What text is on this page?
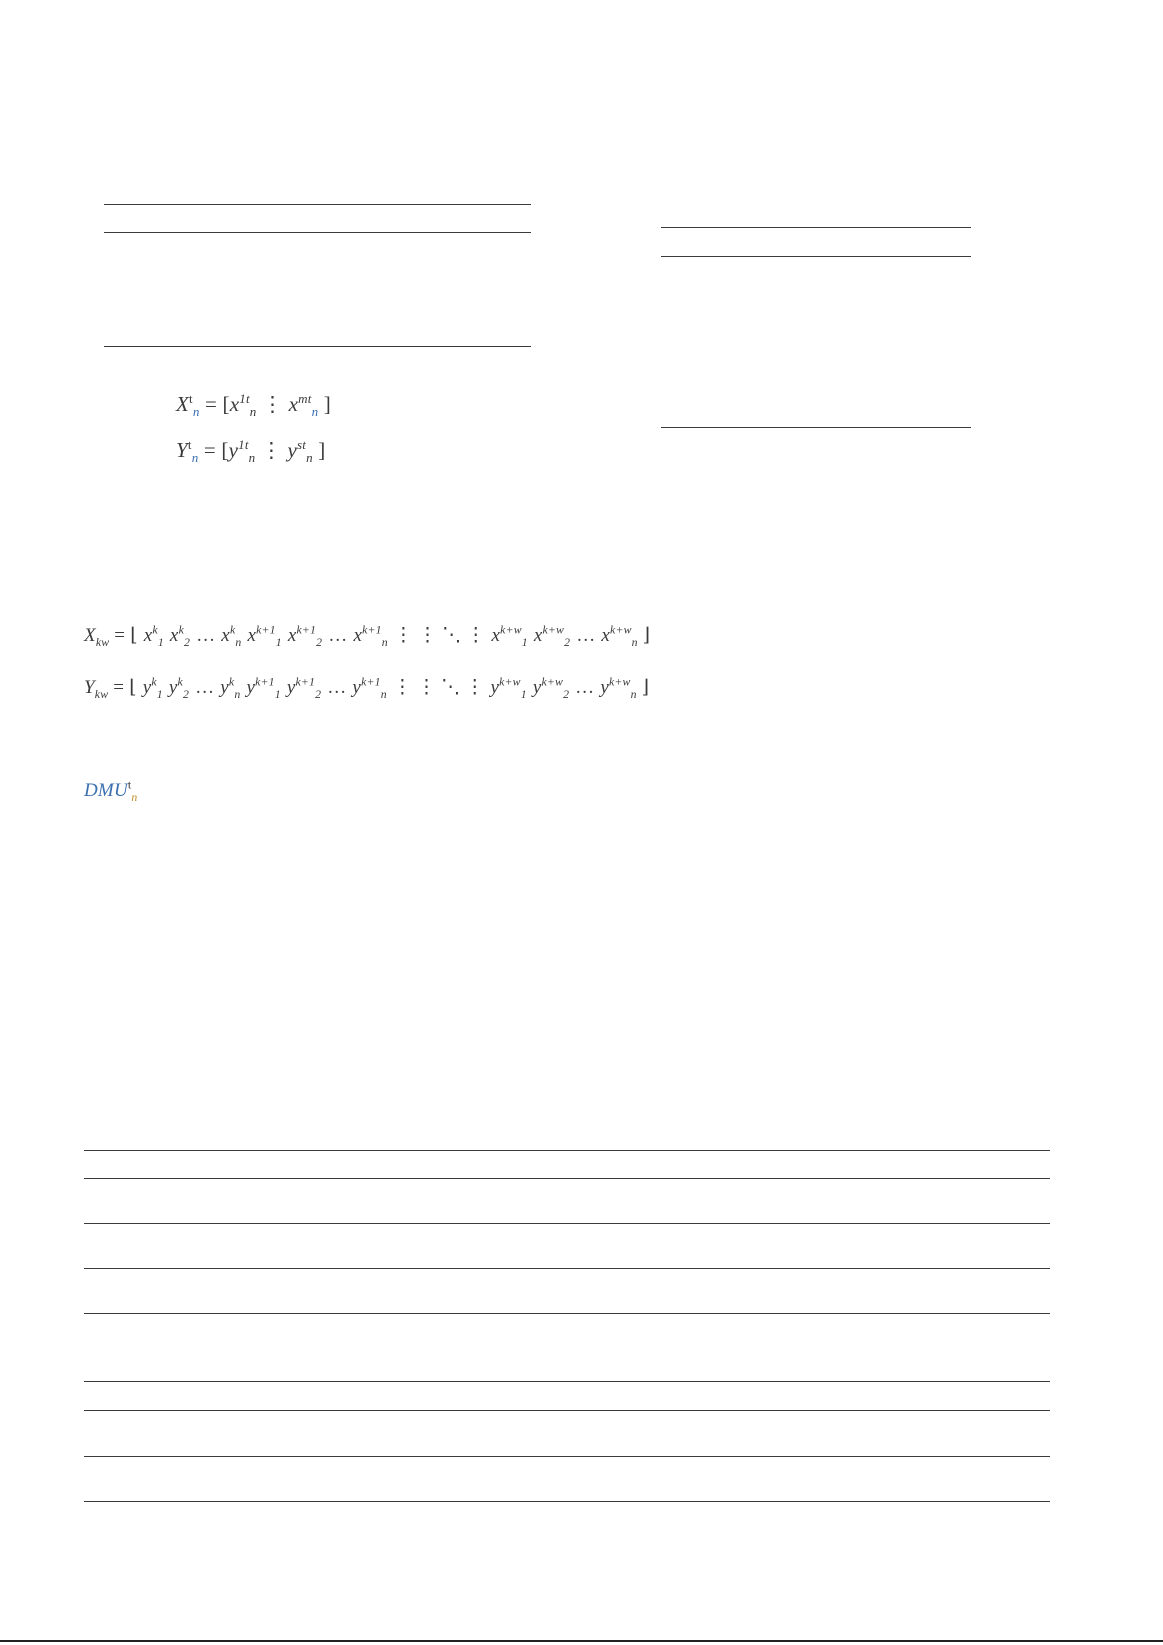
$X^t_n = [x^{1t}_n$ ⋮ $x^{mt}_n$ ]
$Y^t_n = [y^{1t}_n$ ⋮ $y^{st}_n$ ]
$X_{kw}$ = ⌊ $x^k_1$ $x^k_2$ … $x^k_n$ $x^{k+1}_1$ $x^{k+1}_2$ … $x^{k+1}_n$ ⋮ ⋮ ⋱ ⋮ $x^{k+w}_1$ $x^{k+w}_2$ … $x^{k+w}_n$ ⌋
$Y_{kw}$ = ⌊ $y^k_1$ $y^k_2$ … $y^k_n$ $y^{k+1}_1$ $y^{k+1}_2$ … $y^{k+1}_n$ ⋮ ⋮ ⋱ ⋮ $y^{k+w}_1$ $y^{k+w}_2$ … $y^{k+w}_n$ ⌋
$DMU^t_n$
